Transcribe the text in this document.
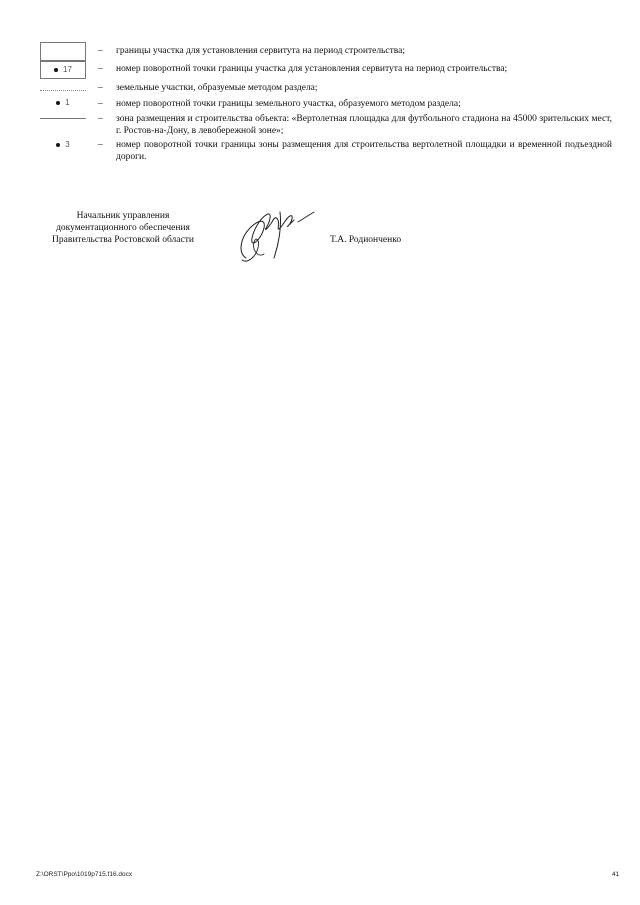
– границы участка для установления сервитута на период строительства;
17	– номер поворотной точки границы участка для установления сервитута на период строительства;
– земельные участки, образуемые методом раздела;
1	– номер поворотной точки границы земельного участка, образуемого методом раздела;
– зона размещения и строительства объекта: «Вертолетная площадка для футбольного стадиона на 45000 зрительских мест, г. Ростов-на-Дону, в левобережной зоне»;
3	– номер поворотной точки границы зоны размещения для строительства вертолетной площадки и временной подъездной дороги.
Начальник управления
документационного обеспечения
Правительства Ростовской области	Т.А. Родионченко
Z:\ORST\Ppo\1019p715.f16.docx	41
